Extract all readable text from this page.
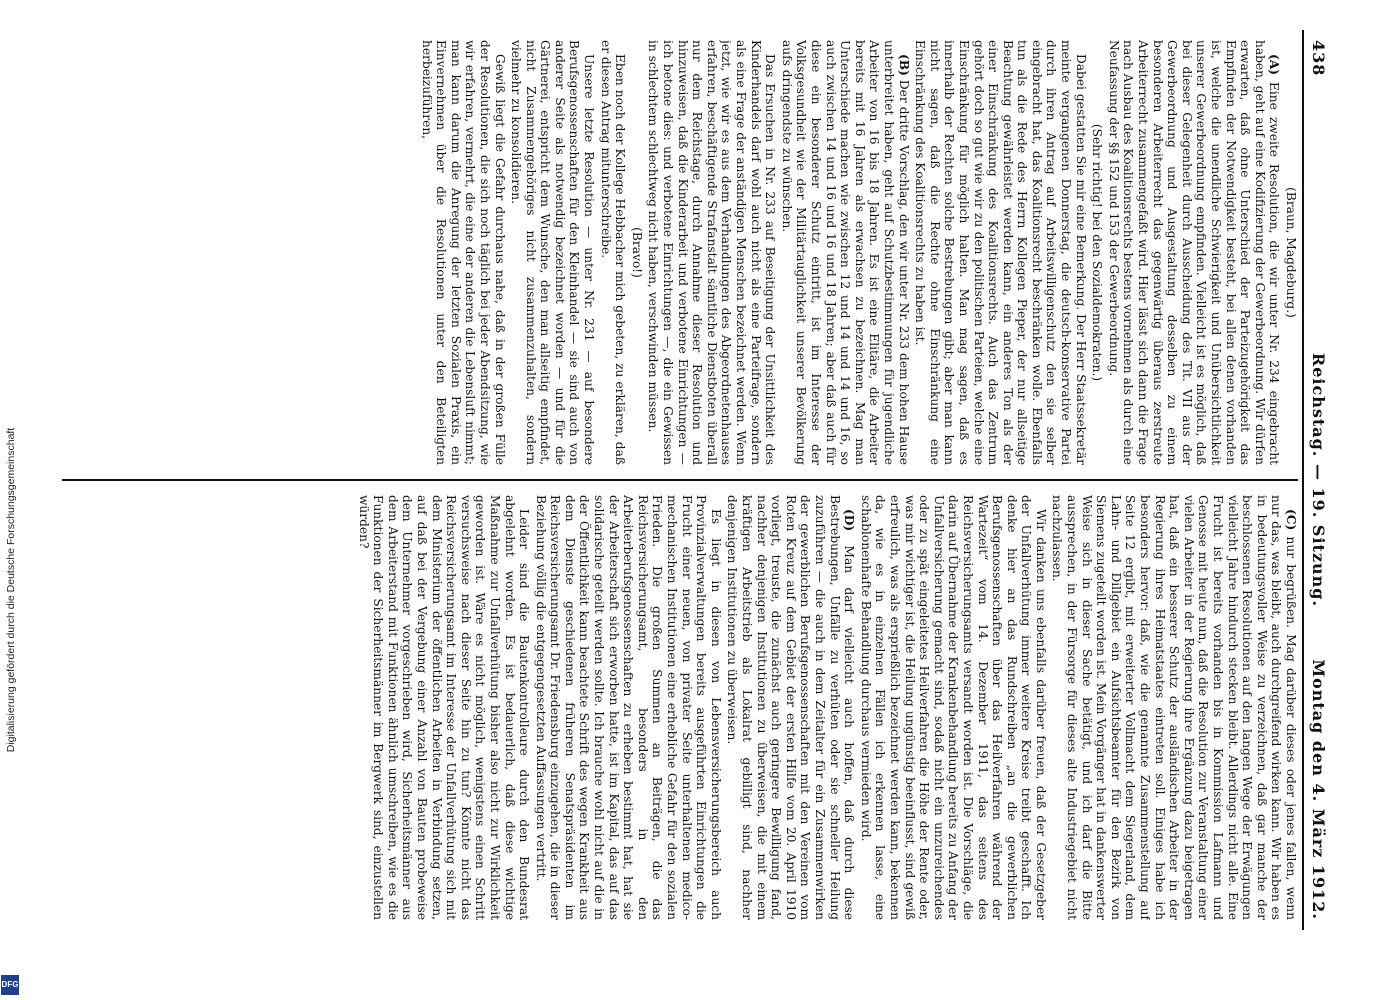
438
Reichstag. — 19. Sitzung.
Montag den 4. März 1912.

(Braun, Magdeburg.)

(A) Eine zweite Resolution, die wir unter Nr. 234 eingebracht haben, geht auf eine Kodifizierung der Gewerbeordnung. Wir dürfen erwarten, daß ohne Unterschied der Parteizugehörigkeit das Empfinden der Notwendigkeit besteht, bei allen denen vorhanden ist, welche die unendliche Schwierigkeit und Unübersichtlichkeit unserer Gewerbeordnung empfinden. Vielleicht ist es möglich, daß bei dieser Gelegenheit durch Ausscheidung des Tit. VII aus der Gewerbeordnung und Ausgestaltung desselben zu einem besonderen Arbeiterrecht das gegenwärtig überaus zerstreute Arbeiterrecht zusammengefaßt wird. Hier lässt sich dann die Frage nach Ausbau des Koalitionsrechts bestens vornehmen als durch eine Neufassung der §§ 152 und 153 der Gewerbeordnung.

(Sehr richtig! bei den Sozialdemokraten.)

Dabei gestatten Sie mir eine Bemerkung. Der Herr Staatssekretär meinte vergangenen Donnerstag, die deutsch-konservative Partei durch ihren Antrag auf Arbeitswilligenschutz den sie selber eingebracht hat, das Koalitionsrecht beschränken wolle. Ebenfalls tun als die Rede des Herrn Kollegen Pieper, der nur allseitige Beachtung gewährleistet werden kann, ein anderes Ton als der einer Einschränkung des Koalitionsrechts. Auch das Zentrum gehört doch so gut wie wir zu den politischen Parteien, welche eine Einschränkung für möglich halten. Man mag sagen, daß es innerhalb der Rechten solche Bestrebungen gibt; aber man kann nicht sagen, daß die Rechte ohne Einschränkung eine Einschränkung des Koalitionsrechts zu haben ist.

(B) Der dritte Vorschlag, den wir unter Nr. 233 dem hohen Hause unterbreitet haben, geht auf Schutzbestimmungen für jugendliche Arbeiter von 16 bis 18 Jahren. Es ist eine Elitäre, die Arbeiter bereits mit 16 Jahren als erwachsen zu bezeichnen. Mag man Unterschiede machen wie zwischen 12 und 14 und 14 und 16, so auch zwischen 14 und 16 und 16 und 18 Jahren; aber daß auch für diese ein besonderer Schutz eintritt, ist im Interesse der Volksgesundheit wie der Militärtauglichkeit unserer Bevölkerung aufs dringendste zu wünschen.

Das Ersuchen in Nr. 233 auf Beseitigung der Unsittlichkeit des Kinderhandels darf wohl auch nicht als eine Parteifrage, sondern als eine Frage der anständigen Menschen bezeichnet werden. Wenn jetzt, wie wir es aus dem Verhandlungen des Abgeordnetenhauses erfahren, beschäftigende Strafanstalt sämtliche Dienstboten überall nur dem Reichstage, durch Annahme dieser Resolution und hinzuweisen, daß die Kinderarbeit und verbotene Einrichtungen — ich betone dies: und verbotene Einrichtungen —, die ein Gewissen in schlechtem schlechtweg nicht haben, verschwinden müssen.

(Bravo!)

Eben noch der Kollege Hebbacher mich gebeten, zu erklären, daß er diesen Antrag mitunterschreibe.

Unsere letzte Resolution — unter Nr. 231 — auf besondere Berufsgenossenschaften für den Kleinhandel — sie sind auch von anderer Seite als notwendig bezeichnet worden — und für die Gärtnerei, entspricht dem Wunsche, den man allseitig empfindet, nicht Zusammengehöriges nicht zusammenzuhalten, sondern vielmehr zu konsolidieren.

Gewiß liegt die Gefahr durchaus nahe, daß in der großen Fülle der Resolutionen, die sich noch täglich bei jeder Abendsitzung, wie wir erfahren, vermehrt, die eine der anderen die Lebensluft nimmt; man kann darum die Anregung der letzten Sozialen Praxis, ein Einvernehmen über die Resolutionen unter den Beteiligten herbeizuführen,

(C) nur begrüßen. Mag darüber dieses oder jenes fallen, wenn nur das, was bleibt, auch durchgreifend wirken kann. Wir haben es in bedeutungsvoller Weise zu verzeichnen, daß gar manche der beschlossenen Resolutionen auf den langen Wege der Erwägungen vielleicht Jahre hindurch stecken bleibt. Allerdings nicht alle. Eine Frucht ist bereits vorhanden bis in Kommission Lafmann und Genosse mit heute nun, daß die Resolution zur Veranstaltung einer vielen Arbeiter in der Regierung ihre Ergänzung dazu beigetragen hat, daß ein besserer Schutz der ausländischen Arbeiter in der Regierung ihres Heimatstaates eintreten soll. Einiges habe ich besonders hervor: daß, wie die genannte Zusammenstellung auf Seite 12 ergibt, mit erweiterter Vollmacht dem Siegerland, dem Lahn- und Dillgebiet ein Aufsichtsbeamter für den Bezirk von Siemens zugeteilt worden ist. Mein Vorgänger hat in dankenswerter Weise sich in dieser Sache betätigt, und ich darf die Bitte aussprechen, in der Fürsorge für dieses alte Industriegebiet nicht nachzulassen.

Wir danken uns ebenfalls darüber freuen, daß der Gesetzgeber der Unfallverhütung immer weitere Kreise treibt geschafft. Ich denke hier an das Rundschreiben „an die gewerblichen Berufsgenossenschaften über das Heilverfahren während der Wartezeit“ vom 14. Dezember 1911, das seitens des Reichsversicherungsamts versandt worden ist. Die Vorschläge, die darin auf Übernahme der Krankenbehandlung bereits zu Anfang der Unfallversicherung gemacht sind, sodaß nicht ein unzureichendes oder zu spät eingeleitetes Heilverfahren die Höhe der Rente oder, was mir wichtiger ist, die Heilung ungünstig beeinflusst, sind gewiß erfreulich, was als ersprießlich bezeichnet werden kann, bekennen da, wie es in einzelnen Fällen ich erkennen lasse, eine schablonenhafte Behandlung durchaus vermieden wird.

(D) Man darf vielleicht auch hoffen, daß durch diese Bestrebungen, Unfälle zu verhüten oder sie schneller Heilung zuzuführen — die auch in dem Zeitalter für ein Zusammenwirken der gewerblichen Berufsgenossenschaften mit den Vereinen vom Roten Kreuz auf dem Gebiet der ersten Hilfe vom 20. April 1910 vorliegt, treuste, die zunächst auch geringere Bewilligung fand, nachher denjenigen Institutionen zu überweisen, die mit einem kräftigen Arbeitstrieb als Lokalrat gebilligt sind, nachher denjenigen Institutionen zu überweisen.

Es liegt in diesen von Lebensversicherungsbereich auch Provinzialverwaltungen bereits ausgeführten Einrichtungen die Frucht einer neuen, von privater Seite unterhaltenen medico-mechanischen Institutionen eine erhebliche Gefahr für den sozialen Frieden. Die großen Summen an Beiträgen, die das Reichsversicherungsamt, besonders in den Arbeiterberufsgenossenschaften zu erheben bestimmt hat, hat sie der Arbeiterschaft sich erworben hatte, ist im Kapital, das auf das solidarische geteilt werden sollte. Ich brauche wohl nicht auf die in der Öffentlichkeit kann beachtete Schrift des wegen Krankheit aus dem Dienste geschiedenen früheren Senatspräsidenten im Reichsversicherungsamt Dr. Friedensburg einzugehen, die in dieser Beziehung völlig die entgegengesetzten Auffassungen vertritt.

Leider sind die Bautenkontrolleure durch den Bundesrat abgelehnt worden. Es ist bedauerlich, daß diese wichtige Maßnahme zur Unfallverhütung bisher also nicht zur Wirklichkeit geworden ist. Wäre es nicht möglich, wenigstens einen Schritt versuchsweise nach dieser Seite hin zu tun? Könnte nicht das Reichsversicherungsamt im Interesse der Unfallverhütung sich mit dem Ministerium der öffentlichen Arbeiten in Verbindung setzen, auf daß bei der Vergebung einer Anzahl von Bauten probeweise dem Unternehmer vorgeschrieben wird, Sicherheitsmänner aus dem Arbeiterstand mit Funktionen ähnlich umschreiben, wie es die Funktionen der Sicherheitsmänner im Bergwerk sind, einzustellen würden?

Digitalisierung gefördert durch die Deutsche Forschungsgemeinschaft
DFG
